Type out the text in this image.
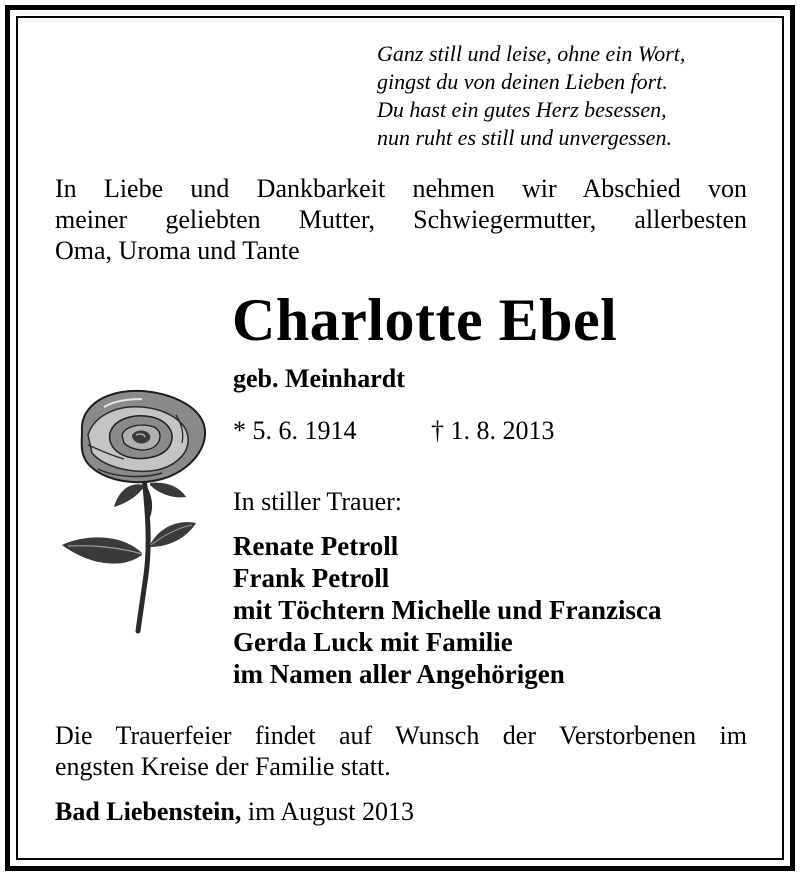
Ganz still und leise, ohne ein Wort,
gingst du von deinen Lieben fort.
Du hast ein gutes Herz besessen,
nun ruht es still und unvergessen.
In Liebe und Dankbarkeit nehmen wir Abschied von
meiner geliebten Mutter, Schwiegermutter, allerbesten
Oma, Uroma und Tante
Charlotte Ebel
geb. Meinhardt
* 5. 6. 1914	† 1. 8. 2013
In stiller Trauer:
Renate Petroll
Frank Petroll
mit Töchtern Michelle und Franzisca
Gerda Luck mit Familie
im Namen aller Angehörigen
Die Trauerfeier findet auf Wunsch der Verstorbenen im
engsten Kreise der Familie statt.
Bad Liebenstein, im August 2013
